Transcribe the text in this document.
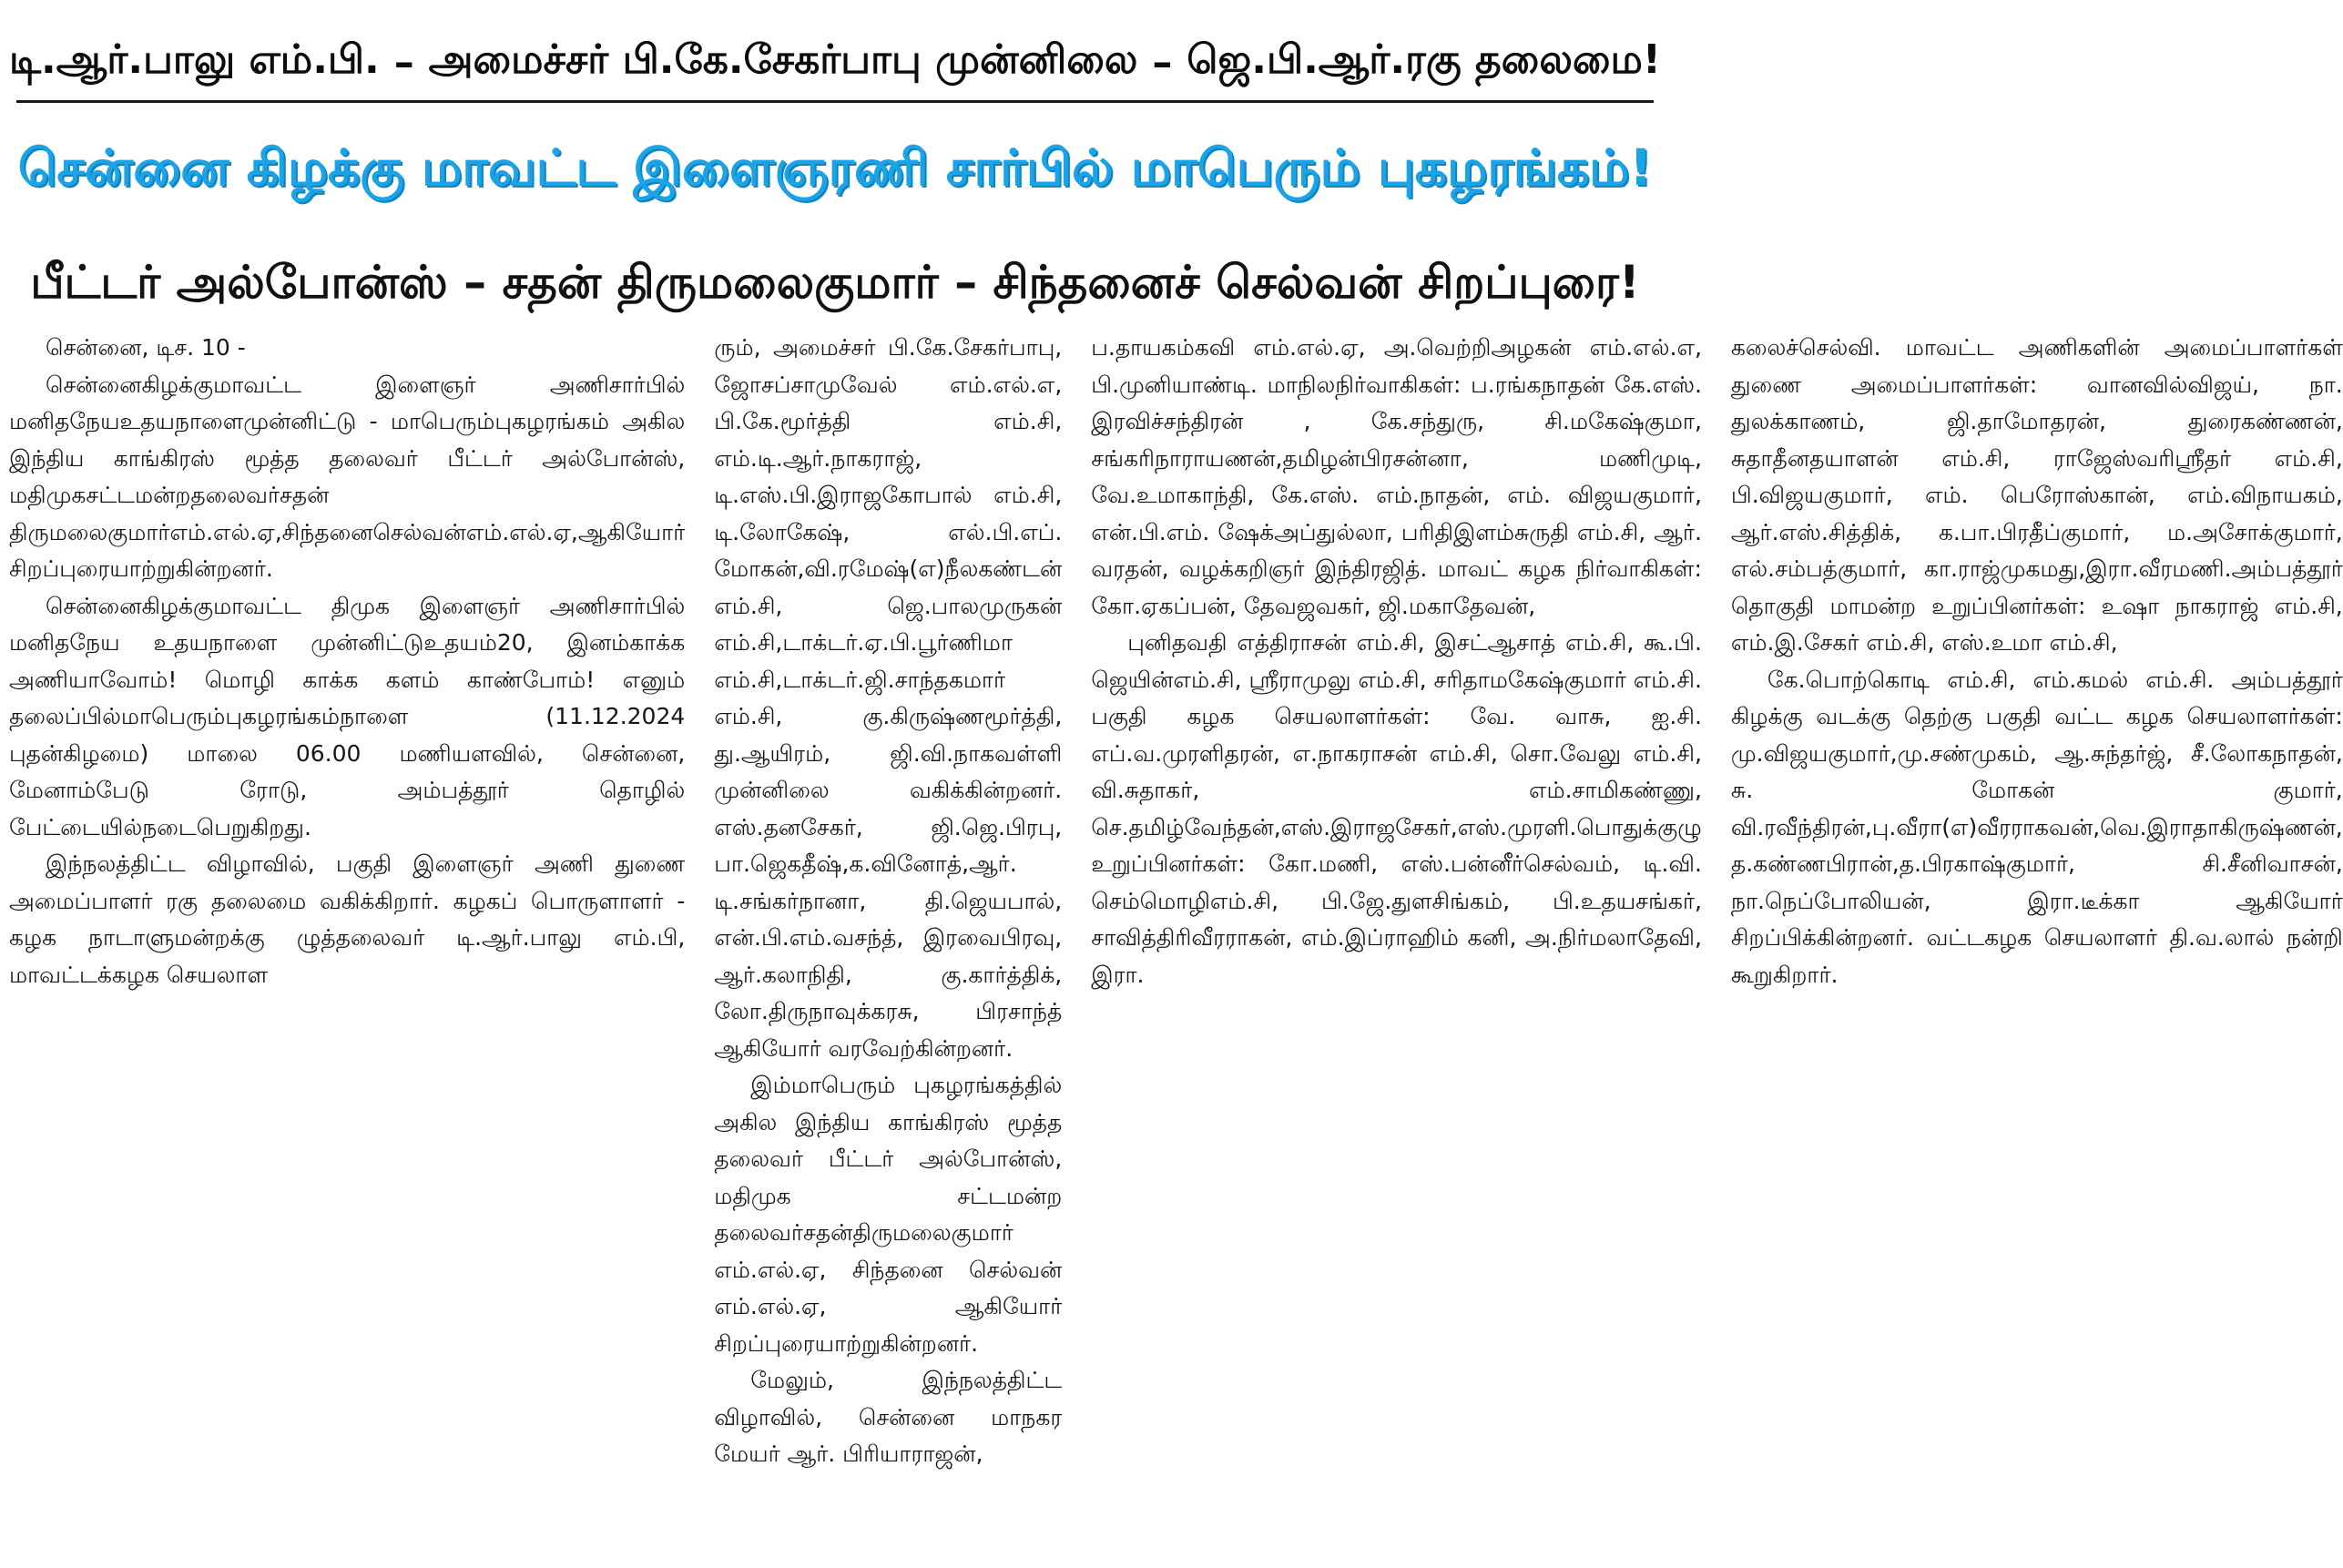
டி.ஆர்.பாலு எம்.பி. – அமைச்சர் பி.கே.சேகர்பாபு முன்னிலை – ஜெ.பி.ஆர்.ரகு தலைமை!
சென்னை கிழக்கு மாவட்ட இளைஞரணி சார்பில் மாபெரும் புகழரங்கம்!
பீட்டர் அல்போன்ஸ் – சதன் திருமலைகுமார் – சிந்தனைச் செல்வன் சிறப்புரை!

சென்னை, டிச. 10 -

சென்னைகிழக்குமாவட்ட இளைஞர் அணிசார்பில் மனிதநேயஉதயநாளைமுன்னிட்டு - மாபெரும்புகழரங்கம் அகில இந்திய காங்கிரஸ் மூத்த தலைவர் பீட்டர் அல்போன்ஸ், மதிமுகசட்டமன்றதலைவர்சதன் திருமலைகுமார்எம்.எல்.ஏ,சிந்தனைசெல்வன்எம்.எல்.ஏ,ஆகியோர் சிறப்புரையாற்றுகின்றனர்.

சென்னைகிழக்குமாவட்ட திமுக இளைஞர் அணிசார்பில் மனிதநேய உதயநாளை முன்னிட்டுஉதயம்20, இனம்காக்க அணியாவோம்! மொழி காக்க களம் காண்போம்! எனும் தலைப்பில்மாபெரும்புகழரங்கம்நாளை (11.12.2024 புதன்கிழமை) மாலை 06.00 மணியளவில், சென்னை, மேனாம்பேடு ரோடு, அம்பத்தூர் தொழில் பேட்டையில்நடைபெறுகிறது.

இந்நலத்திட்ட விழாவில், பகுதி இளைஞர் அணி துணை அமைப்பாளர் ரகு தலைமை வகிக்கிறார். கழகப் பொருளாளர் - கழக நாடாளுமன்றக்கு ழுத்தலைவர் டி.ஆர்.பாலு எம்.பி, மாவட்டக்கழக செயலாள

ரும், அமைச்சர் பி.கே.சேகர்பாபு, ஜோசப்சாமுவேல் எம்.எல்.எ, பி.கே.மூர்த்தி எம்.சி, எம்.டி.ஆர்.நாகராஜ், டி.எஸ்.பி.இராஜகோபால் எம்.சி, டி.லோகேஷ், எல்.பி.எப். மோகன்,வி.ரமேஷ்(எ)நீலகண்டன் எம்.சி, ஜெ.பாலமுருகன் எம்.சி,டாக்டர்.ஏ.பி.பூர்ணிமா எம்.சி,டாக்டர்.ஜி.சாந்தகமார் எம்.சி, கு.கிருஷ்ணமூர்த்தி, து.ஆயிரம், ஜி.வி.நாகவள்ளி முன்னிலை வகிக்கின்றனர். எஸ்.தனசேகர், ஜி.ஜெ.பிரபு, பா.ஜெகதீஷ்,க.வினோத்,ஆர். டி.சங்கர்நானா, தி.ஜெயபால், என்.பி.எம்.வசந்த், இரவைபிரவு, ஆர்.கலாநிதி, கு.கார்த்திக், லோ.திருநாவுக்கரசு, பிரசாந்த் ஆகியோர் வரவேற்கின்றனர்.

இம்மாபெரும் புகழரங்கத்தில் அகில இந்திய காங்கிரஸ் மூத்த தலைவர் பீட்டர் அல்போன்ஸ், மதிமுக சட்டமன்ற தலைவர்சதன்திருமலைகுமார் எம்.எல்.ஏ, சிந்தனை செல்வன் எம்.எல்.ஏ, ஆகியோர் சிறப்புரையாற்றுகின்றனர்.

மேலும், இந்நலத்திட்ட விழாவில், சென்னை மாநகர மேயர் ஆர். பிரியாராஜன்,

ப.தாயகம்கவி எம்.எல்.ஏ, அ.வெற்றிஅழகன் எம்.எல்.எ, பி.முனியாண்டி. மாநிலநிர்வாகிகள்: ப.ரங்கநாதன் கே.எஸ். இரவிச்சந்திரன் , கே.சந்துரு, சி.மகேஷ்குமா, சங்கரிநாராயணன்,தமிழன்பிரசன்னா, மணிமுடி, வே.உமாகாந்தி, கே.எஸ். எம்.நாதன், எம். விஜயகுமார், என்.பி.எம். ஷேக்அப்துல்லா, பரிதிஇளம்சுருதி எம்.சி, ஆர். வரதன், வழக்கறிஞர் இந்திரஜித். மாவட் கழக நிர்வாகிகள்: கோ.ஏகப்பன், தேவஜவகர், ஜி.மகாதேவன்,

புனிதவதி எத்திராசன் எம்.சி, இசட்ஆசாத் எம்.சி, கூ.பி. ஜெயின்எம்.சி, ஸ்ரீராமுலு எம்.சி, சரிதாமகேஷ்குமார் எம்.சி. பகுதி கழக செயலாளர்கள்: வே. வாசு, ஐ.சி. எப்.வ.முரளிதரன், எ.நாகராசன் எம்.சி, சொ.வேலு எம்.சி, வி.சுதாகர், எம்.சாமிகண்ணு, செ.தமிழ்வேந்தன்,எஸ்.இராஜசேகர்,எஸ்.முரளி.பொதுக்குழு உறுப்பினர்கள்: கோ.மணி, எஸ்.பன்னீர்செல்வம், டி.வி. செம்மொழிஎம்.சி, பி.ஜே.துளசிங்கம், பி.உதயசங்கர், சாவித்திரிவீரராகன், எம்.இப்ராஹிம் கனி, அ.நிர்மலாதேவி, இரா.

கலைச்செல்வி. மாவட்ட அணிகளின் அமைப்பாளர்கள் துணை அமைப்பாளர்கள்: வானவில்விஜய், நா. துலக்காணம், ஜி.தாமோதரன், துரைகண்ணன், சுதாதீனதயாளன் எம்.சி, ராஜேஸ்வரிஸ்ரீதர் எம்.சி, பி.விஜயகுமார், எம். பெரோஸ்கான், எம்.விநாயகம், ஆர்.எஸ்.சித்திக், க.பா.பிரதீப்குமார், ம.அசோக்குமார், எல்.சம்பத்குமார், கா.ராஜ்முகமது,இரா.வீரமணி.அம்பத்தூர் தொகுதி மாமன்ற உறுப்பினர்கள்: உஷா நாகராஜ் எம்.சி, எம்.இ.சேகர் எம்.சி, எஸ்.உமா எம்.சி,

கே.பொற்கொடி எம்.சி, எம்.கமல் எம்.சி. அம்பத்தூர் கிழக்கு வடக்கு தெற்கு பகுதி வட்ட கழக செயலாளர்கள்: மு.விஜயகுமார்,மு.சண்முகம், ஆ.சுந்தர்ஜ், சீ.லோகநாதன், சு. மோகன் குமார், வி.ரவீந்திரன்,பு.வீரா(எ)வீரராகவன்,வெ.இராதாகிருஷ்ணன், த.கண்ணபிரான்,த.பிரகாஷ்குமார், சி.சீனிவாசன், நா.நெப்போலியன், இரா.டீக்கா ஆகியோர் சிறப்பிக்கின்றனர். வட்டகழக செயலாளர் தி.வ.லால் நன்றி கூறுகிறார்.
